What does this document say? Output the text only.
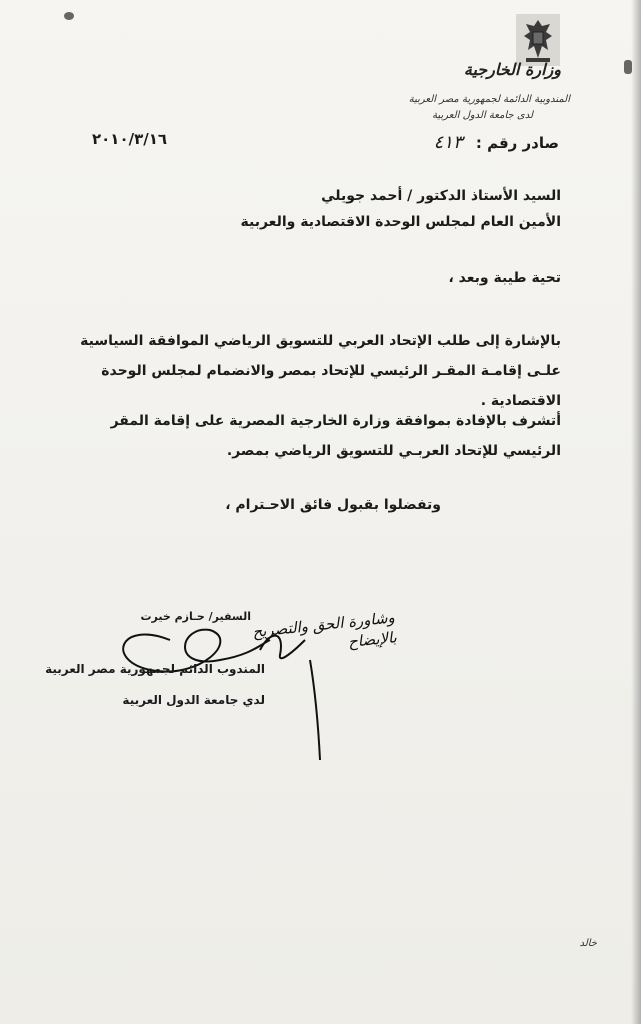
وزارة الخارجية
المندوبية الدائمة لجمهورية مصر العربية
لدى جامعة الدول العربية
صادر رقم : ٤١٣
٢٠١٠/٣/١٦
السيد الأستاذ الدكتور / أحمد جويلي
الأمين العام لمجلس الوحدة الاقتصادية والعربية
تحية طيبة وبعد ،
بالإشارة إلى طلب الإتحاد العربي للتسويق الرياضي الموافقة السياسية علـى إقامـة المقـر الرئيسي للإتحاد بمصر والانضمام لمجلس الوحدة الاقتصادية .
أتشرف بالإفادة بموافقة وزارة الخارجية المصرية على إقامة المقر الرئيسي للإتحاد العربـي للتسويق الرياضي بمصر.
وتفضلوا بقبول فائق الاحـترام ،
السفير/ حـازم خيرت وشاورة الحق والتصريح بالإيضاح
المندوب الدائم لجمهورية مصر العربية
لدي جامعة الدول العربية
خالد
